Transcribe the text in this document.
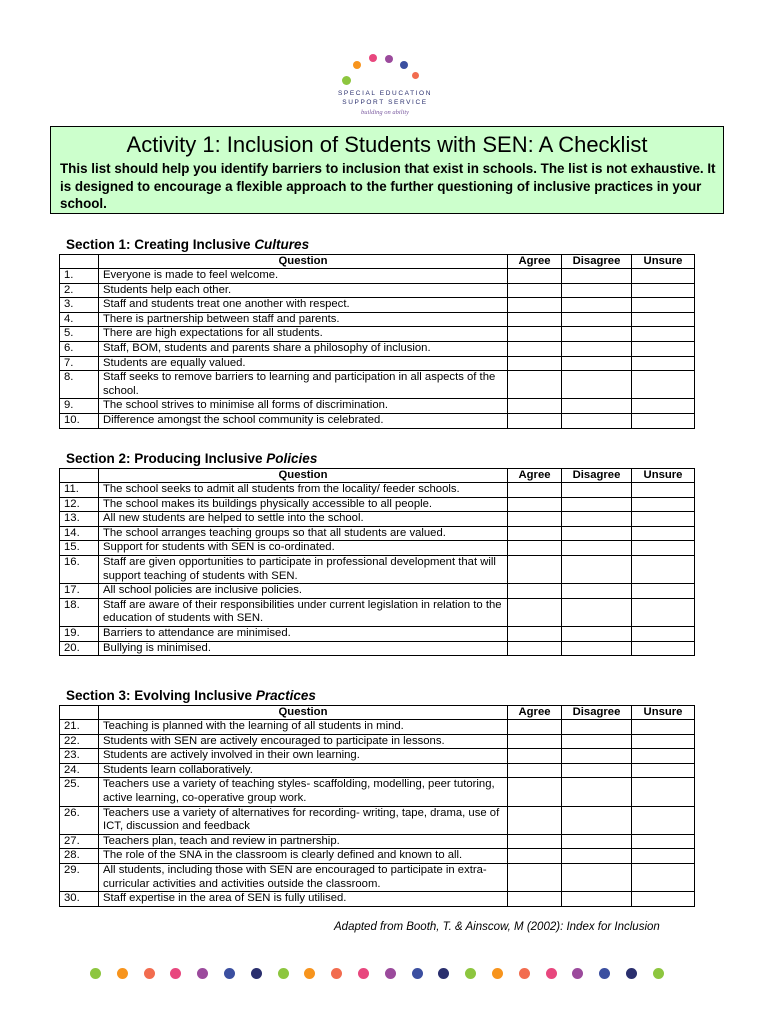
SPECIAL EDUCATION
SUPPORT SERVICE
building on ability
Activity 1: Inclusion of Students with SEN: A Checklist

This list should help you identify barriers to inclusion that exist in schools. The list is not exhaustive. It is designed to encourage a flexible approach to the further questioning of inclusive practices in your school.

Section 1: Creating Inclusive Cultures
	Question	Agree	Disagree	Unsure
1.	Everyone is made to feel welcome.			
2.	Students help each other.			
3.	Staff and students treat one another with respect.			
4.	There is partnership between staff and parents.			
5.	There are high expectations for all students.			
6.	Staff, BOM, students and parents share a philosophy of inclusion.			
7.	Students are equally valued.			
8.	Staff seeks to remove barriers to learning and participation in all aspects of the school.			
9.	The school strives to minimise all forms of discrimination.			
10.	Difference amongst the school community is celebrated.			
Section 2: Producing Inclusive Policies
	Question	Agree	Disagree	Unsure
11.	The school seeks to admit all students from the locality/ feeder schools.			
12.	The school makes its buildings physically accessible to all people.			
13.	All new students are helped to settle into the school.			
14.	The school arranges teaching groups so that all students are valued.			
15.	Support for students with SEN is co-ordinated.			
16.	Staff are given opportunities to participate in professional development that will support teaching of students with SEN.			
17.	All school policies are inclusive policies.			
18.	Staff are aware of their responsibilities under current legislation in relation to the education of students with SEN.			
19.	Barriers to attendance are minimised.			
20.	Bullying is minimised.			
Section 3: Evolving Inclusive Practices
	Question	Agree	Disagree	Unsure
21.	Teaching is planned with the learning of all students in mind.			
22.	Students with SEN are actively encouraged to participate in lessons.			
23.	Students are actively involved in their own learning.			
24.	Students learn collaboratively.			
25.	Teachers use a variety of teaching styles- scaffolding, modelling, peer tutoring, active learning, co-operative group work.			
26.	Teachers use a variety of alternatives for recording- writing, tape, drama, use of ICT, discussion and feedback			
27.	Teachers plan, teach and review in partnership.			
28.	The role of the SNA in the classroom is clearly defined and known to all.			
29.	All students, including those with SEN are encouraged to participate in extra-curricular activities and activities outside the classroom.			
30.	Staff expertise in the area of SEN is fully utilised.			
Adapted from Booth, T. & Ainscow, M (2002): Index for Inclusion
